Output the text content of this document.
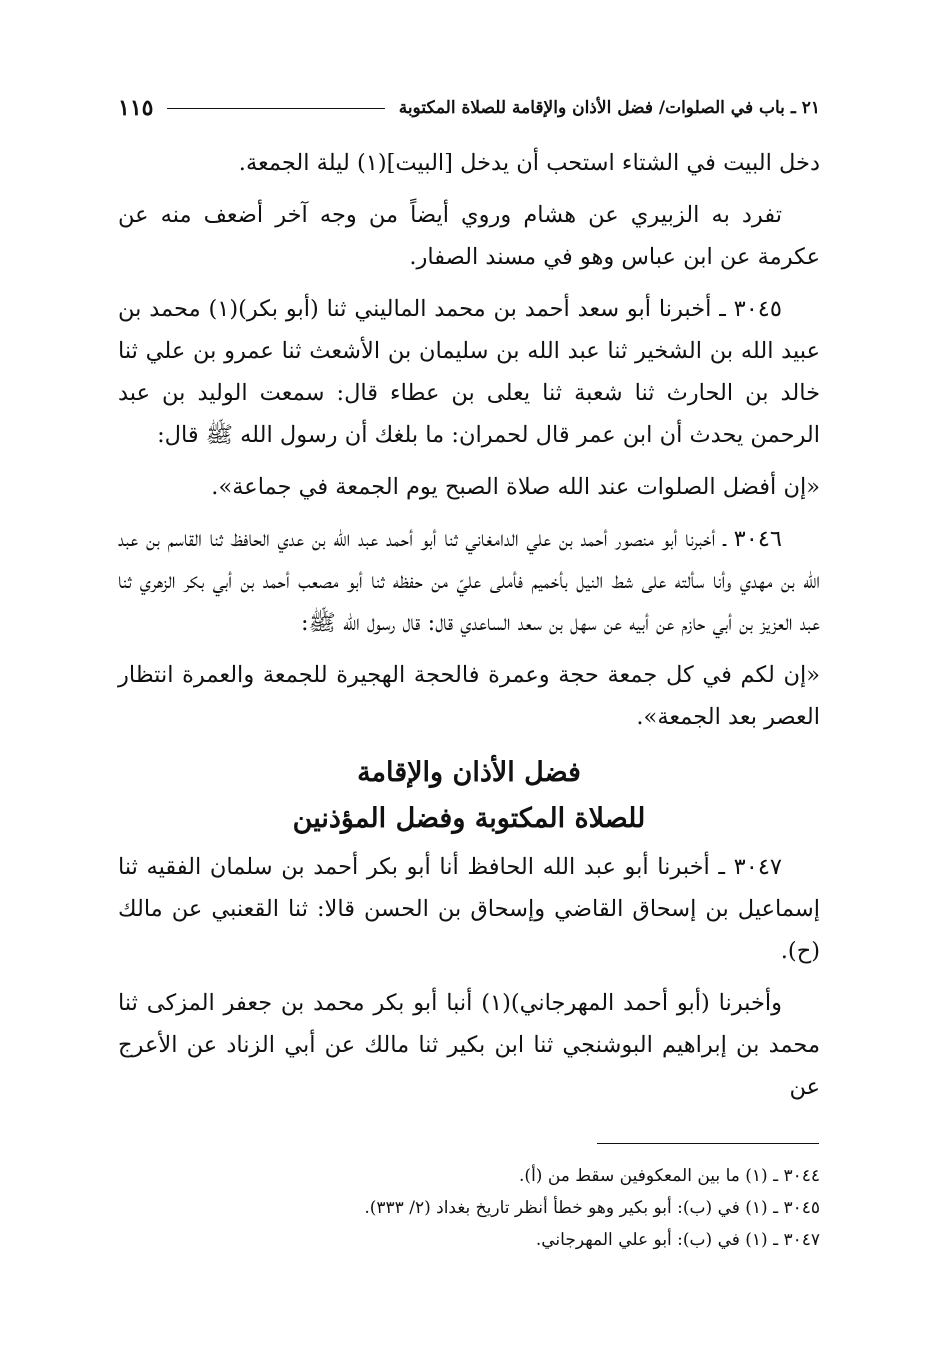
٢١ ـ باب في الصلوات/ فضل الأذان والإقامة للصلاة المكتوبة
١١٥

دخل البيت في الشتاء استحب أن يدخل [البيت](١) ليلة الجمعة.

تفرد به الزبيري عن هشام وروي أيضاً من وجه آخر أضعف منه عن عكرمة عن ابن عباس وهو في مسند الصفار.

٣٠٤٥ ـ أخبرنا أبو سعد أحمد بن محمد الماليني ثنا (أبو بكر)(١) محمد بن عبيد الله بن الشخير ثنا عبد الله بن سليمان بن الأشعث ثنا عمرو بن علي ثنا خالد بن الحارث ثنا شعبة ثنا يعلى بن عطاء قال: سمعت الوليد بن عبد الرحمن يحدث أن ابن عمر قال لحمران: ما بلغك أن رسول الله ﷺ قال:

«إن أفضل الصلوات عند الله صلاة الصبح يوم الجمعة في جماعة».

٣٠٤٦ ـ أخبرنا أبو منصور أحمد بن علي الدامغاني ثنا أبو أحمد عبد الله بن عدي الحافظ ثنا القاسم بن عبد الله بن مهدي وأنا سألته على شط النيل بأخميم فأملى عليّ من حفظه ثنا أبو مصعب أحمد بن أبي بكر الزهري ثنا عبد العزيز بن أبي حازم عن أبيه عن سهل بن سعد الساعدي قال: قال رسول الله ﷺ:

«إن لكم في كل جمعة حجة وعمرة فالحجة الهجيرة للجمعة والعمرة انتظار العصر بعد الجمعة».

فضل الأذان والإقامة
للصلاة المكتوبة وفضل المؤذنين

٣٠٤٧ ـ أخبرنا أبو عبد الله الحافظ أنا أبو بكر أحمد بن سلمان الفقيه ثنا إسماعيل بن إسحاق القاضي وإسحاق بن الحسن قالا: ثنا القعنبي عن مالك (ح).

وأخبرنا (أبو أحمد المهرجاني)(١) أنبا أبو بكر محمد بن جعفر المزكى ثنا محمد بن إبراهيم البوشنجي ثنا ابن بكير ثنا مالك عن أبي الزناد عن الأعرج عن

٣٠٤٤ ـ (١) ما بين المعكوفين سقط من (أ).

٣٠٤٥ ـ (١) في (ب): أبو بكير وهو خطأ أنظر تاريخ بغداد (٢/ ٣٣٣).

٣٠٤٧ ـ (١) في (ب): أبو علي المهرجاني.
